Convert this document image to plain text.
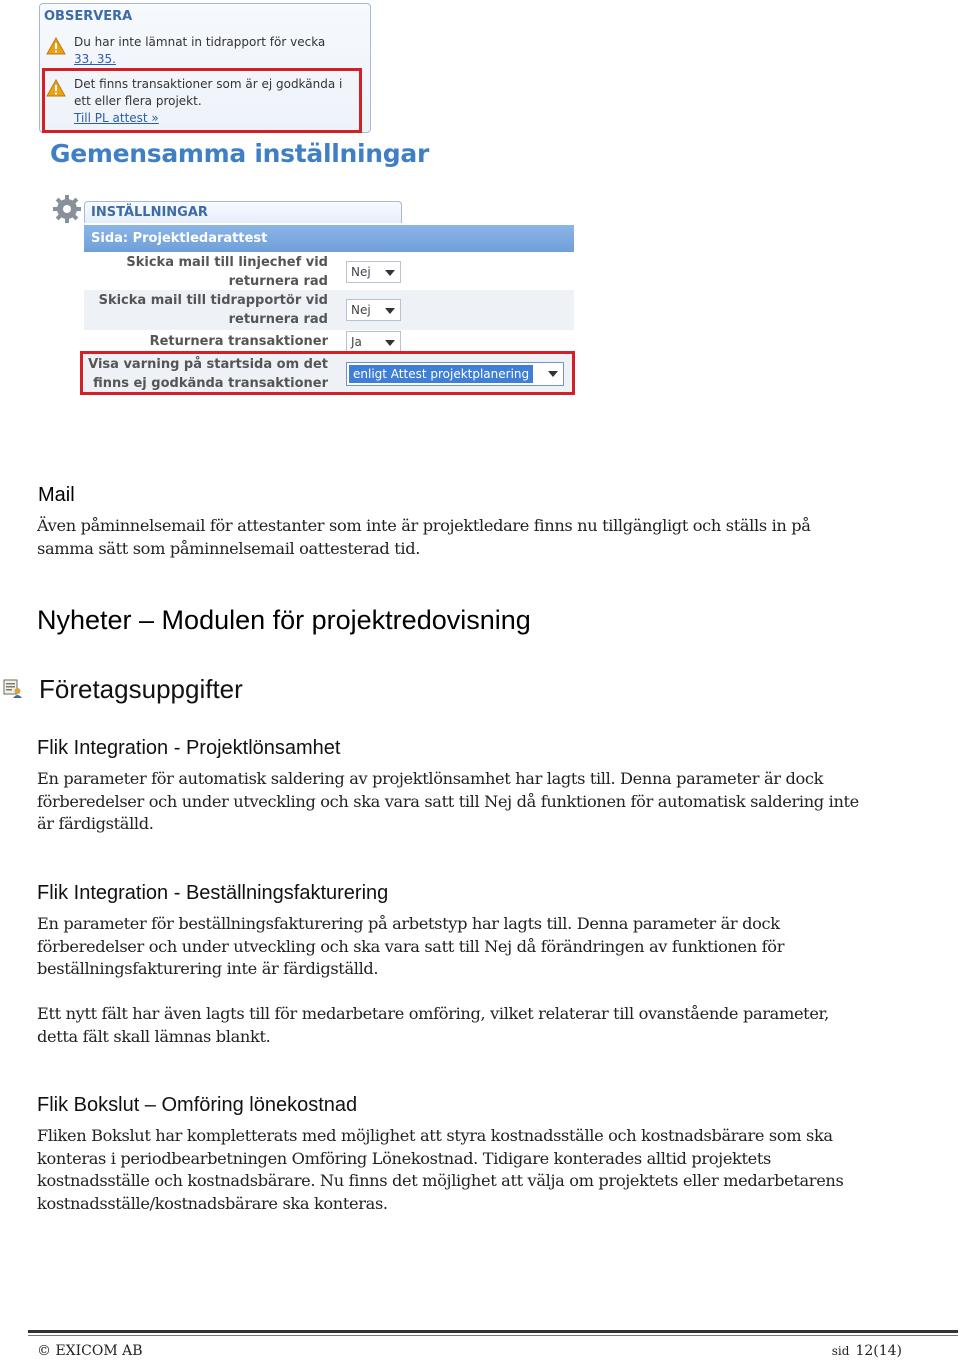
OBSERVERA
Du har inte lämnat in tidrapport för vecka
33, 35.
Det finns transaktioner som är ej godkända i ett eller flera projekt.
Till PL attest »
Gemensamma inställningar
INSTÄLLNINGAR
Sida: Projektledarattest
Skicka mail till linjechef vid
returnera rad
Nej
Skicka mail till tidrapportör vid
returnera rad
Nej
Returnera transaktioner	Ja
Visa varning på startsida om det
finns ej godkända transaktioner
enligt Attest projektplanering
Mail
Även påminnelsemail för attestanter som inte är projektledare finns nu tillgängligt och ställs in på samma sätt som påminnelsemail oattesterad tid.
Nyheter – Modulen för projektredovisning
Företagsuppgifter
Flik Integration - Projektlönsamhet
En parameter för automatisk saldering av projektlönsamhet har lagts till. Denna parameter är dock förberedelser och under utveckling och ska vara satt till Nej då funktionen för automatisk saldering inte är färdigställd.
Flik Integration - Beställningsfakturering
En parameter för beställningsfakturering på arbetstyp har lagts till. Denna parameter är dock förberedelser och under utveckling och ska vara satt till Nej då förändringen av funktionen för beställningsfakturering inte är färdigställd.
Ett nytt fält har även lagts till för medarbetare omföring, vilket relaterar till ovanstående parameter, detta fält skall lämnas blankt.
Flik Bokslut – Omföring lönekostnad
Fliken Bokslut har kompletterats med möjlighet att styra kostnadsställe och kostnadsbärare som ska konteras i periodbearbetningen Omföring Lönekostnad. Tidigare konterades alltid projektets kostnadsställe och kostnadsbärare. Nu finns det möjlighet att välja om projektets eller medarbetarens kostnadsställe/kostnadsbärare ska konteras.
© EXICOM AB	sid 12(14)
